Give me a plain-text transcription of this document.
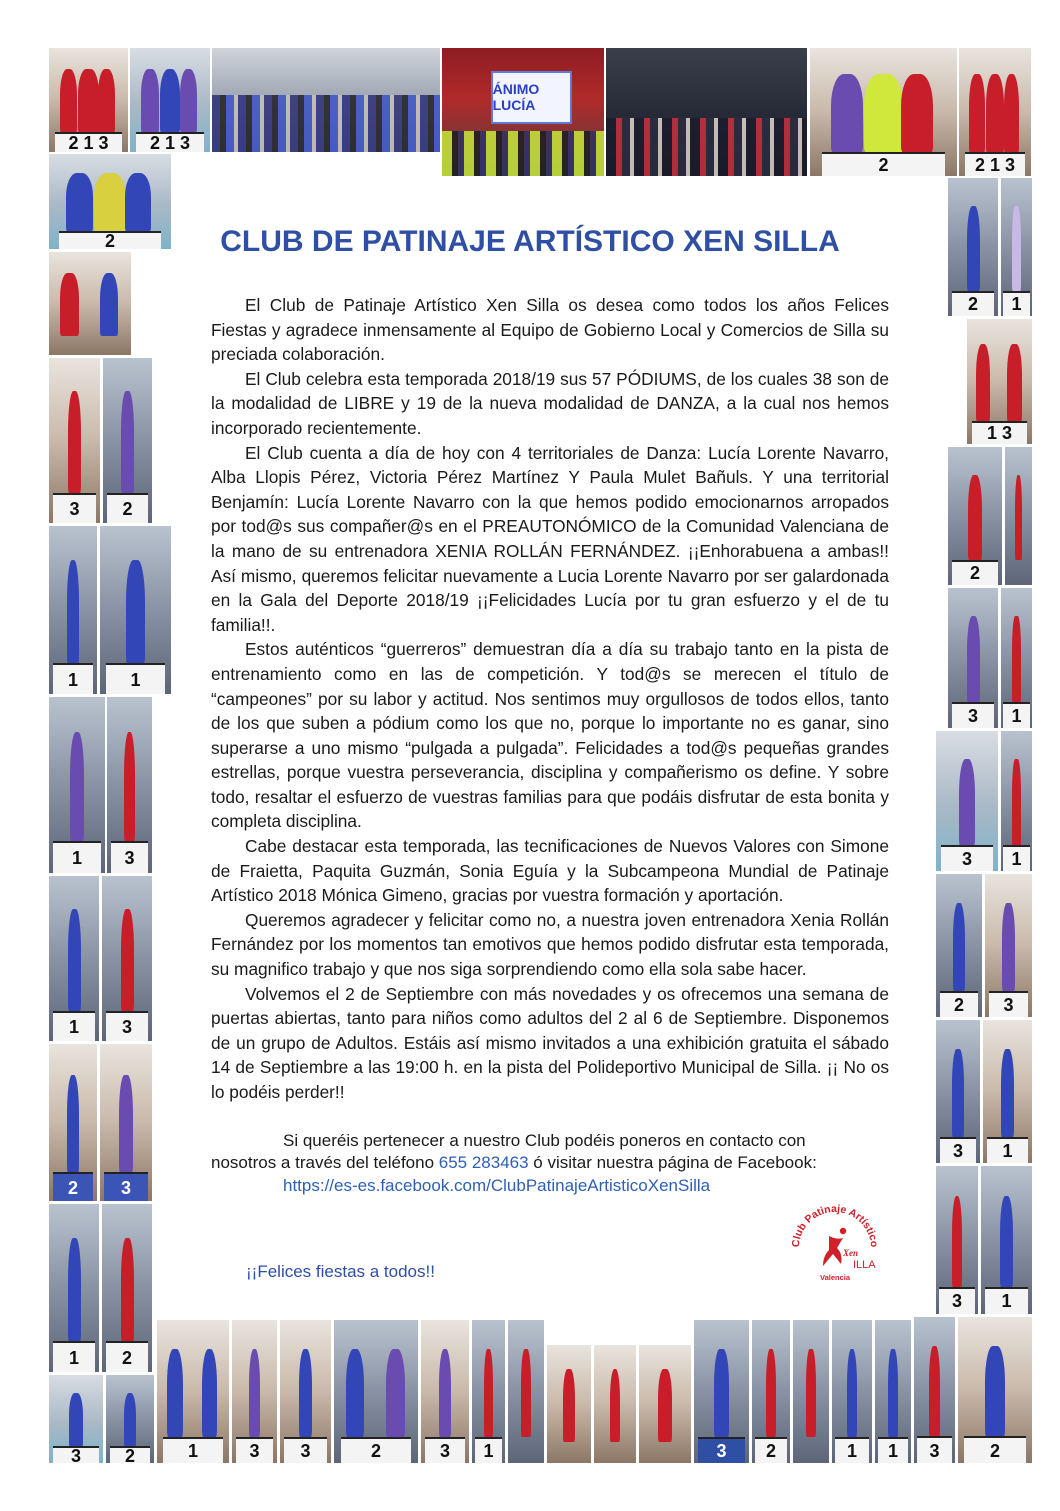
2 1 3 2 1 3
ÁNIMO LUCÍA
2	2 1 3
2
3 2
1	1
1 3
1 3
2 3
1 2
2 1
1 3
2
3 1
3 1
2 3
3 1
3 1
3 2	1	3 3	2	3 1	3 2	1 1 3	2
CLUB DE PATINAJE ARTÍSTICO XEN SILLA

El Club de Patinaje Artístico Xen Silla os desea como todos los años Felices Fiestas y agradece inmensamente al Equipo de Gobierno Local y Comercios de Silla su preciada colaboración.

El Club celebra esta temporada 2018/19 sus 57 PÓDIUMS, de los cuales 38 son de la modalidad de LIBRE y 19 de la nueva modalidad de DANZA, a la cual nos hemos incorporado recientemente.

El Club cuenta a día de hoy con 4 territoriales de Danza: Lucía Lorente Navarro, Alba Llopis Pérez, Victoria Pérez Martínez Y Paula Mulet Bañuls. Y una territorial Benjamín: Lucía Lorente Navarro con la que hemos podido emocionarnos arropados por tod@s sus compañer@s en el PREAUTONÓMICO de la Comunidad Valenciana de la mano de su entrenadora XENIA ROLLÁN FERNÁNDEZ. ¡¡Enhorabuena a ambas!! Así mismo, queremos felicitar nuevamente a Lucia Lorente Navarro por ser galardonada en la Gala del Deporte 2018/19 ¡¡Felicidades Lucía por tu gran esfuerzo y el de tu familia!!.

Estos auténticos “guerreros” demuestran día a día su trabajo tanto en la pista de entrenamiento como en las de competición. Y tod@s se merecen el título de “campeones” por su labor y actitud. Nos sentimos muy orgullosos de todos ellos, tanto de los que suben a pódium como los que no, porque lo importante no es ganar, sino superarse a uno mismo “pulgada a pulgada”. Felicidades a tod@s pequeñas grandes estrellas, porque vuestra perseverancia, disciplina y compañerismo os define. Y sobre todo, resaltar el esfuerzo de vuestras familias para que podáis disfrutar de esta bonita y completa disciplina.

Cabe destacar esta temporada, las tecnificaciones de Nuevos Valores con Simone de Fraietta, Paquita Guzmán, Sonia Eguía y la Subcampeona Mundial de Patinaje Artístico 2018 Mónica Gimeno, gracias por vuestra formación y aportación.

Queremos agradecer y felicitar como no, a nuestra joven entrenadora Xenia Rollán Fernández por los momentos tan emotivos que hemos podido disfrutar esta temporada, su magnifico trabajo y que nos siga sorprendiendo como ella sola sabe hacer.

Volvemos el 2 de Septiembre con más novedades y os ofrecemos una semana de puertas abiertas, tanto para niños como adultos del 2 al 6 de Septiembre. Disponemos de un grupo de Adultos. Estáis así mismo invitados a una exhibición gratuita el sábado 14 de Septiembre a las 19:00 h. en la pista del Polideportivo Municipal de Silla. ¡¡ No os lo podéis perder!!

Si queréis pertenecer a nuestro Club podéis poneros en contacto con
nosotros a través del teléfono 655 283463 ó visitar nuestra página de Facebook:
https://es-es.facebook.com/ClubPatinajeArtisticoXenSilla
¡¡Felices fiestas a todos!!
Club Patinaje Artístico
Xen
ILLA
Valencia
